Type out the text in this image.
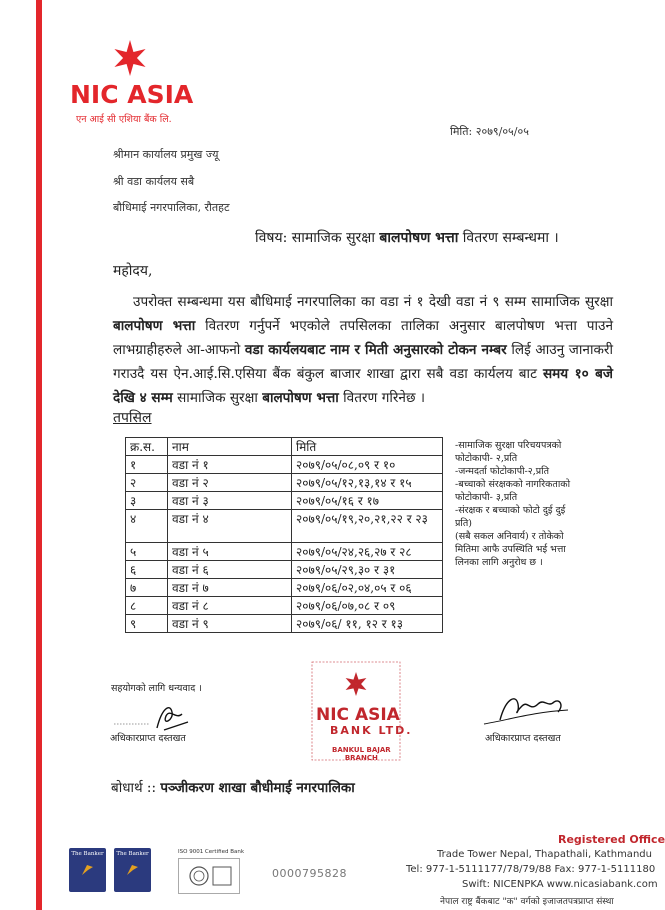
NIC ASIA
एन आई सी एशिया बैंक लि.
मिति: २०७९/०५/०५
श्रीमान कार्यालय प्रमुख ज्यू
श्री वडा कार्यलय सबै
बौधिमाई नगरपालिका, रौतहट
विषय: सामाजिक सुरक्षा बालपोषण भत्ता वितरण सम्बन्धमा ।
महोदय,
उपरोक्त सम्बन्धमा यस बौधिमाई नगरपालिका का वडा नं १ देखी वडा नं ९ सम्म सामाजिक सुरक्षा बालपोषण भत्ता वितरण गर्नुपर्ने भएकोले तपसिलका तालिका अनुसार बालपोषण भत्ता पाउने लाभग्राहीहरुले आ-आफनो वडा कार्यलयबाट नाम र मिती अनुसारको टोकन नम्बर लिई आउनु जानाकरी गराउदै यस ऐन.आई.सि.एसिया बैंक बंकुल बाजार शाखा द्वारा सबै वडा कार्यलय बाट समय १० बजे देखि ४ सम्म सामाजिक सुरक्षा बालपोषण भत्ता वितरण गरिनेछ ।
तपसिल
क्र.स.	नाम	मिति
१	वडा नं १	२०७९/०५/०८,०९ र १०
२	वडा नं २	२०७९/०५/१२,१३,१४ र १५
३	वडा नं ३	२०७९/०५/१६ र १७
४	वडा नं ४	२०७९/०५/१९,२०,२१,२२ र २३
५	वडा नं ५	२०७९/०५/२४,२६,२७ र २८
६	वडा नं ६	२०७९/०५/२९,३० र ३१
७	वडा नं ७	२०७९/०६/०२,०४,०५ र ०६
८	वडा नं ८	२०७९/०६/०७,०८ र ०९
९	वडा नं ९	२०७९/०६/ ११, १२ र १३
-सामाजिक सुरक्षा परिचयपत्रको फोटोकापी- २,प्रति
-जन्मदर्ता फोटोकापी-२,प्रति
-बच्चाको संरक्षकको नागरिकताको फोटोकापी- ३,प्रति
-संरक्षक र बच्चाको फोटो दुई दुई प्रति)
(सबै सकल अनिवार्य) र तोकेको मितिमा आफै उपस्थिति भई भत्ता लिनका लागि अनुरोध छ ।
सहयोगको लागि धन्यवाद ।
अधिकारप्राप्त दस्तखत
NIC ASIA
BANK LTD.
BANKUL BAJAR
BRANCH
अधिकारप्राप्त दस्तखत
बोधार्थ :: पञ्जीकरण शाखा बौधीमाई नगरपालिका
The Banker	The Banker	ISO 9001 Certified Bank
0000795828
Registered Office
Trade Tower Nepal, Thapathali, Kathmandu
Tel: 977-1-5111177/78/79/88 Fax: 977-1-5111180
Swift: NICENPKA www.nicasiabank.com
नेपाल राष्ट्र बैंकबाट "क" वर्गको इजाजतपत्रप्राप्त संस्था
